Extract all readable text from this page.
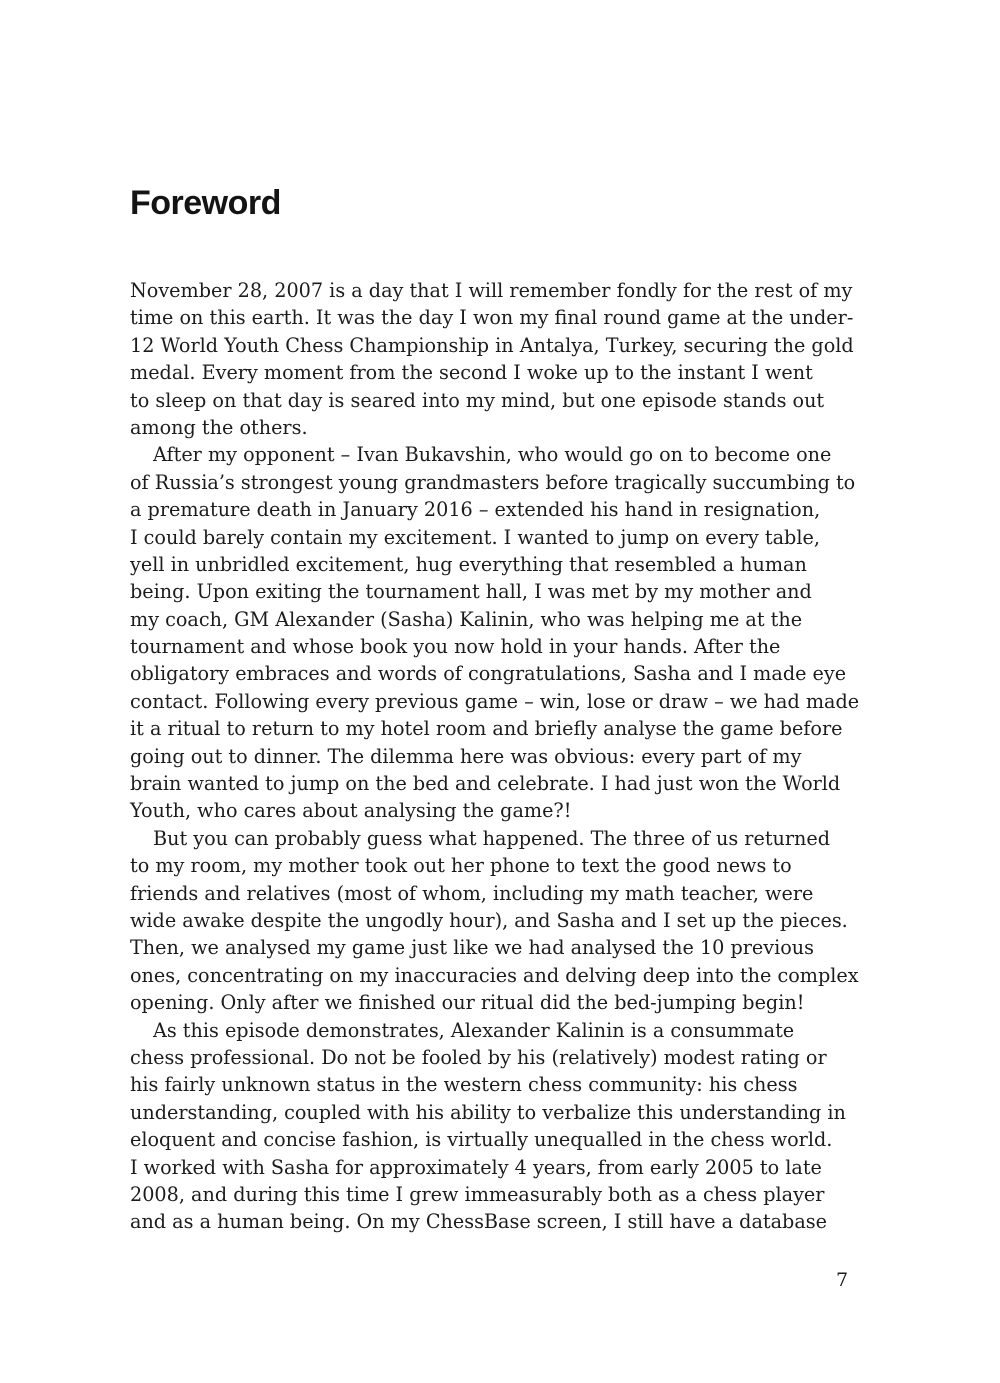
Foreword
November 28, 2007 is a day that I will remember fondly for the rest of my
time on this earth. It was the day I won my final round game at the under-
12 World Youth Chess Championship in Antalya, Turkey, securing the gold
medal. Every moment from the second I woke up to the instant I went
to sleep on that day is seared into my mind, but one episode stands out
among the others.
After my opponent – Ivan Bukavshin, who would go on to become one
of Russia’s strongest young grandmasters before tragically succumbing to
a premature death in January 2016 – extended his hand in resignation,
I could barely contain my excitement. I wanted to jump on every table,
yell in unbridled excitement, hug everything that resembled a human
being. Upon exiting the tournament hall, I was met by my mother and
my coach, GM Alexander (Sasha) Kalinin, who was helping me at the
tournament and whose book you now hold in your hands. After the
obligatory embraces and words of congratulations, Sasha and I made eye
contact. Following every previous game – win, lose or draw – we had made
it a ritual to return to my hotel room and briefly analyse the game before
going out to dinner. The dilemma here was obvious: every part of my
brain wanted to jump on the bed and celebrate. I had just won the World
Youth, who cares about analysing the game?!
But you can probably guess what happened. The three of us returned
to my room, my mother took out her phone to text the good news to
friends and relatives (most of whom, including my math teacher, were
wide awake despite the ungodly hour), and Sasha and I set up the pieces.
Then, we analysed my game just like we had analysed the 10 previous
ones, concentrating on my inaccuracies and delving deep into the complex
opening. Only after we finished our ritual did the bed-jumping begin!
As this episode demonstrates, Alexander Kalinin is a consummate
chess professional. Do not be fooled by his (relatively) modest rating or
his fairly unknown status in the western chess community: his chess
understanding, coupled with his ability to verbalize this understanding in
eloquent and concise fashion, is virtually unequalled in the chess world.
I worked with Sasha for approximately 4 years, from early 2005 to late
2008, and during this time I grew immeasurably both as a chess player
and as a human being. On my ChessBase screen, I still have a database
7
